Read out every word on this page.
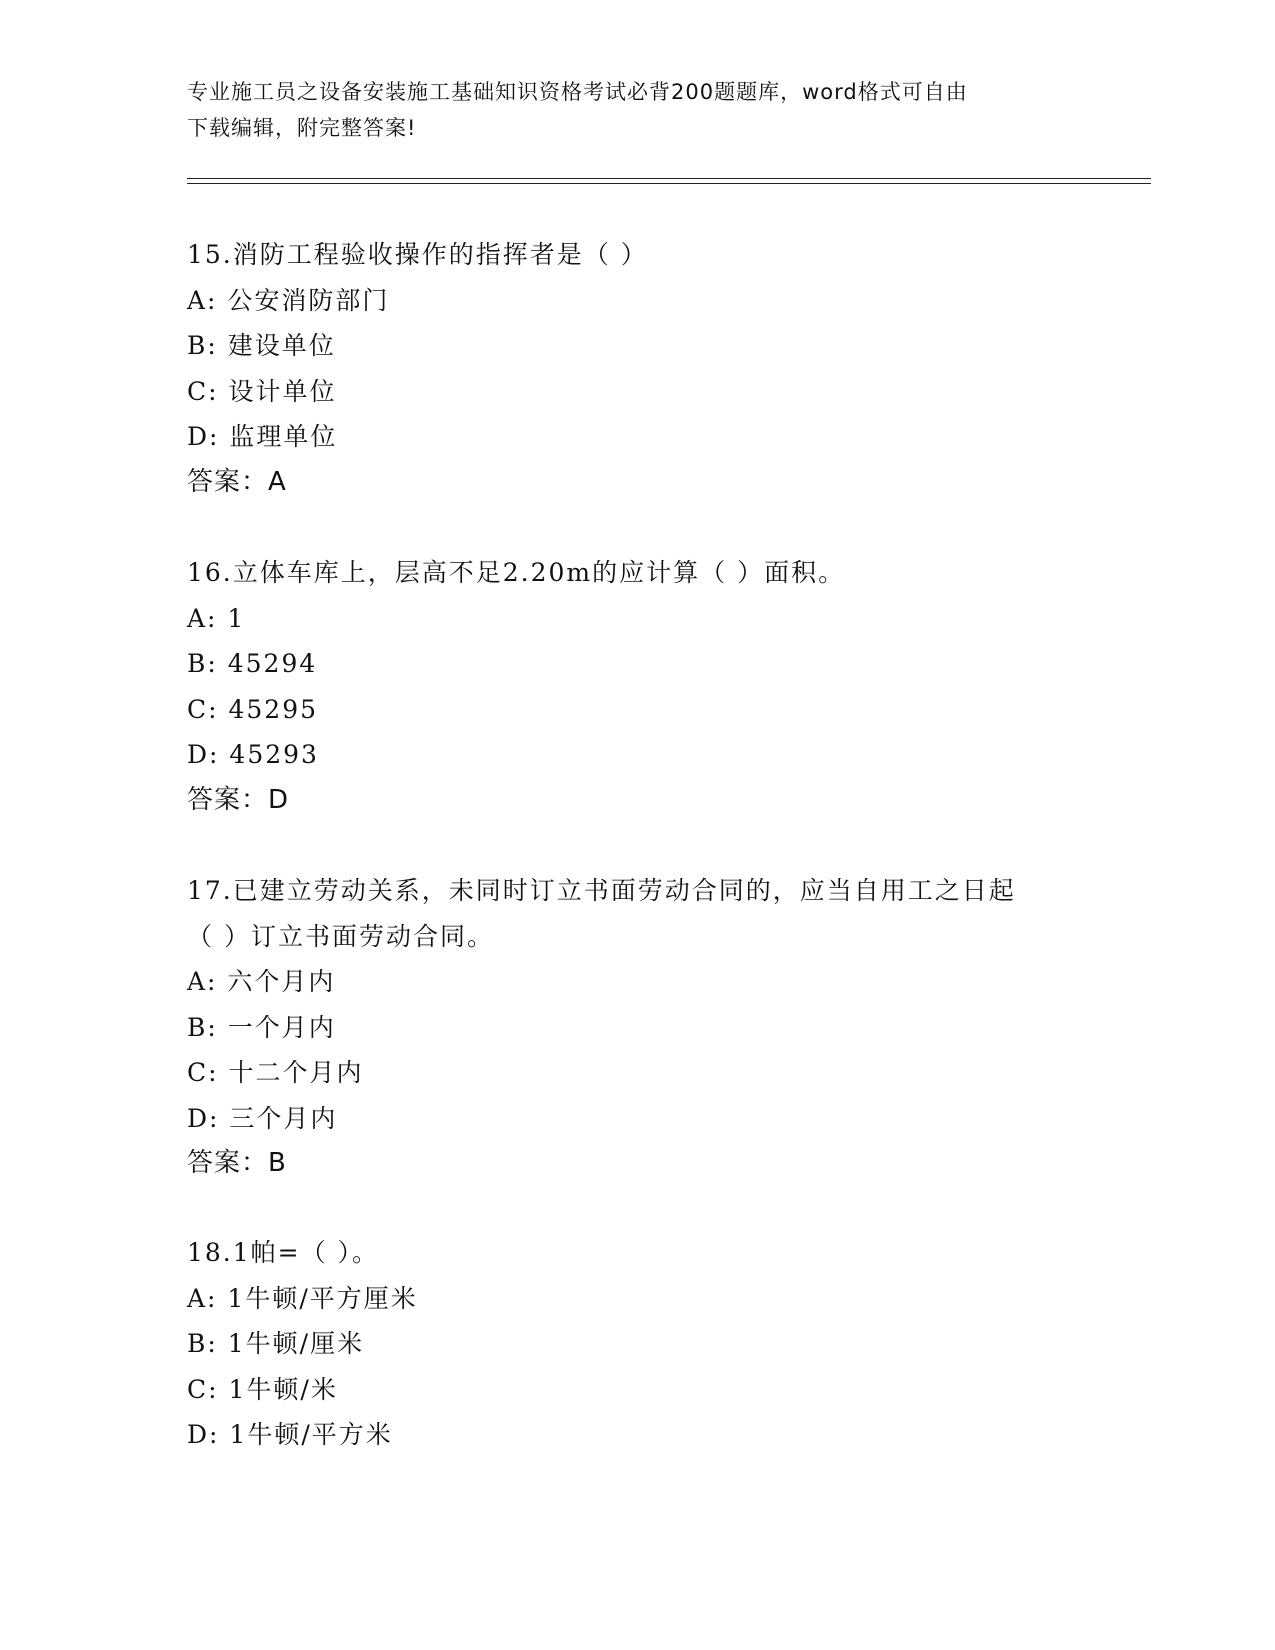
专业施工员之设备安装施工基础知识资格考试必背200题题库，word格式可自由
下载编辑，附完整答案!
15.消防工程验收操作的指挥者是（ ）
A: 公安消防部门
B: 建设单位
C: 设计单位
D: 监理单位
答案：A
16.立体车库上，层高不足2.20m的应计算（ ）面积。
A: 1
B: 45294
C: 45295
D: 45293
答案：D
17.已建立劳动关系，未同时订立书面劳动合同的，应当自用工之日起
（ ）订立书面劳动合同。
A: 六个月内
B: 一个月内
C: 十二个月内
D: 三个月内
答案：B
18.1帕=（ ）。
A: 1牛顿/平方厘米
B: 1牛顿/厘米
C: 1牛顿/米
D: 1牛顿/平方米
